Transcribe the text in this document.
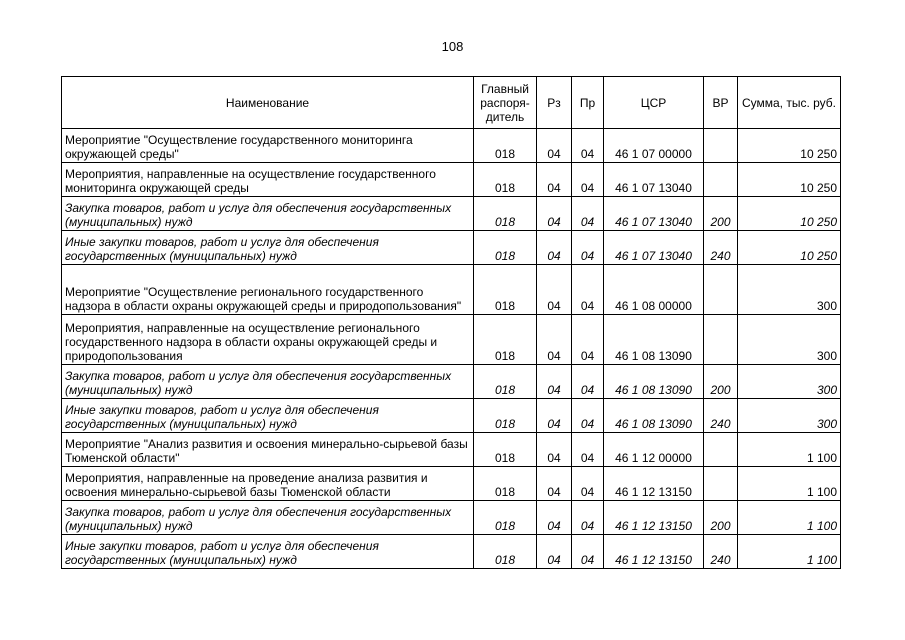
108
Наименование	Главный распоря-дитель	Рз	Пр	ЦСР	ВР	Сумма, тыс. руб.
Мероприятие "Осуществление государственного мониторинга окружающей среды"	018	04	04	46 1 07 00000		10 250
Мероприятия, направленные на осуществление государственного мониторинга окружающей среды	018	04	04	46 1 07 13040		10 250
Закупка товаров, работ и услуг для обеспечения государственных (муниципальных) нужд	018	04	04	46 1 07 13040	200	10 250
Иные закупки товаров, работ и услуг для обеспечения государственных (муниципальных) нужд	018	04	04	46 1 07 13040	240	10 250
Мероприятие "Осуществление регионального государственного надзора в области охраны окружающей среды и природопользования"	018	04	04	46 1 08 00000		300
Мероприятия, направленные на осуществление регионального государственного надзора в области охраны окружающей среды и природопользования	018	04	04	46 1 08 13090		300
Закупка товаров, работ и услуг для обеспечения государственных (муниципальных) нужд	018	04	04	46 1 08 13090	200	300
Иные закупки товаров, работ и услуг для обеспечения государственных (муниципальных) нужд	018	04	04	46 1 08 13090	240	300
Мероприятие "Анализ развития и освоения минерально-сырьевой базы Тюменской области"	018	04	04	46 1 12 00000		1 100
Мероприятия, направленные на проведение анализа развития и освоения минерально-сырьевой базы Тюменской области	018	04	04	46 1 12 13150		1 100
Закупка товаров, работ и услуг для обеспечения государственных (муниципальных) нужд	018	04	04	46 1 12 13150	200	1 100
Иные закупки товаров, работ и услуг для обеспечения государственных (муниципальных) нужд	018	04	04	46 1 12 13150	240	1 100
